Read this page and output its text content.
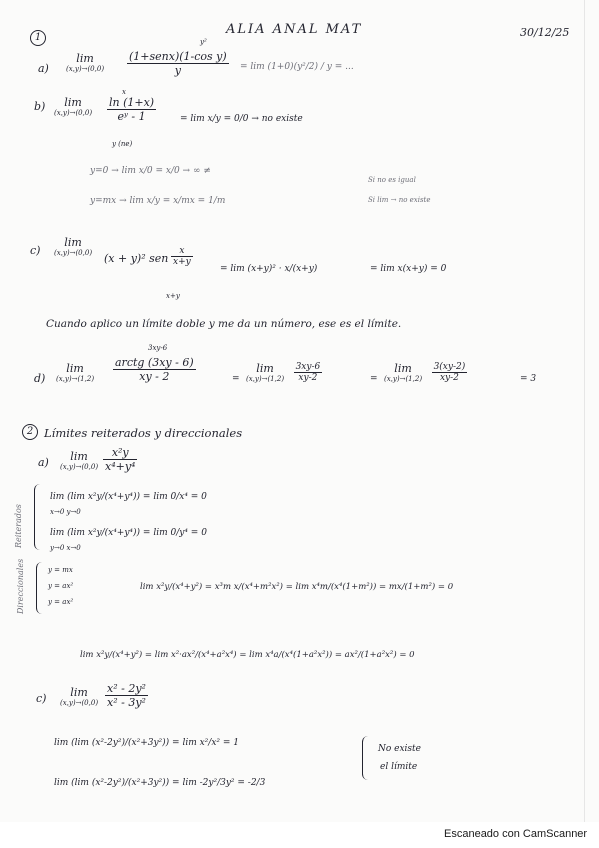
ALIA ANAL MAT	30/12/25
1
a)
lim
$(x,y)\to(0,0) \frac{\text{(1+senx)(1-cos y)}}{y}$
y²
= lim (1+0)(y²/2) / y = ...
b)	lim
(x,y)→(0,0)
x
$\frac{\ln (1+x)}{\text{eʸ - 1}}$
y (ne)
= lim x/y = 0/0 → no existe
y=0 → lim x/0 = x/0 → ∞ ≠
y=mx → lim x/y = x/mx = 1/m
Si no es igual
Si lim → no existe
c)
lim
(x,y)→(0,0) (x + y)² sen $\frac{x}{x+y}$
x+y
= lim (x+y)² · x/(x+y)	= lim x(x+y) = 0
Cuando aplico un límite doble y me da un número, ese es el límite.
d)
lim
(x,y)→(1,2)
3xy-6
$\frac{\text{arctg (3xy - 6)}}{xy - 2}$	=
lim
(x,y)→(1,2)
$\frac{3xy-6}{xy-2}$	=
lim
(x,y)→(1,2)
$\frac{3(xy-2)}{xy-2}$	= 3
2 Límites reiterados y direccionales
a)	lim
$(x,y)\to(0,0) \frac{\text{x²y}}{\text{x⁴+y⁴}}$
Reiterados
lim (lim x²y/(x⁴+y⁴)) = lim 0/x⁴ = 0
x→0 y→0
lim (lim x²y/(x⁴+y⁴)) = lim 0/y⁴ = 0
y→0 x→0
Direccionales	y = mx
y = ax²
y = ax²
lim x²y/(x⁴+y²) = x³m x/(x⁴+m²x²) = lim x⁴m/(x⁴(1+m²)) = mx/(1+m²) = 0
lim x²y/(x⁴+y²) = lim x²·ax²/(x⁴+a²x⁴) = lim x⁴a/(x⁴(1+a²x²)) = ax²/(1+a²x²) = 0
c)	lim
$(x,y)\to(0,0) \frac{\text{x² - 2y²}}{\text{x² - 3y²}}$
lim (lim (x²-2y²)/(x²+3y²)) = lim x²/x² = 1
lim (lim (x²-2y²)/(x²+3y²)) = lim -2y²/3y² = -2/3
No existe
el límite
Escaneado con CamScanner
